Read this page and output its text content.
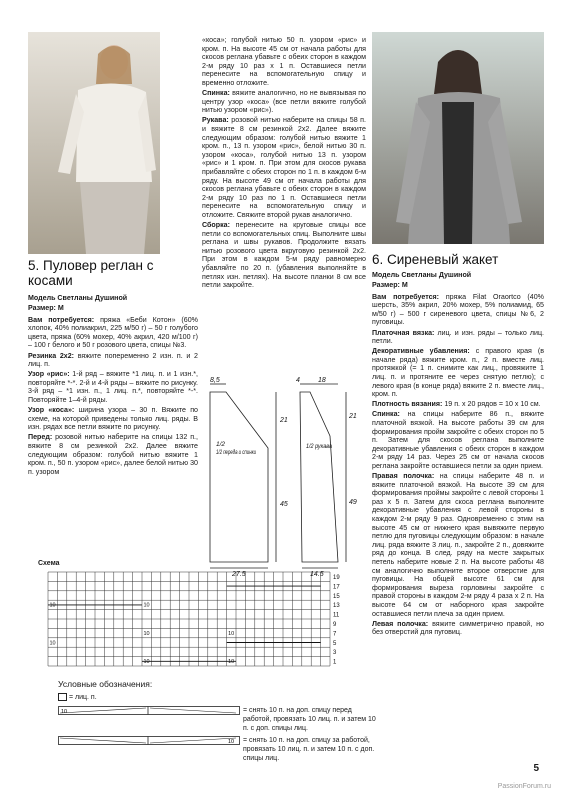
5. Пуловер реглан с косами

Модель Светланы Душиной

Размер: М

Вам потребуется: пряжа «Беби Котон» (60% хлопок, 40% полиакрил, 225 м/50 г) – 50 г голубого цвета, пряжа (60% мохер, 40% акрил, 420 м/100 г) – 100 г белого и 50 г розового цвета, спицы №3.

Резинка 2х2: вяжите попеременно 2 изн. п. и 2 лиц. п.

Узор «рис»: 1-й ряд – вяжите *1 лиц. п. и 1 изн.*, повторяйте *-*. 2-й и 4-й ряды – вяжите по рисунку. 3-й ряд – *1 изн. п., 1 лиц. п.*, повторяйте *-*. Повторяйте 1–4-й ряды.

Узор «коса»: ширина узора – 30 п. Вяжите по схеме, на которой приведены только лиц. ряды. В изн. рядах все петли вяжите по рисунку.

Перед: розовой нитью наберите на спицы 132 п., вяжите 8 см резинкой 2х2. Далее вяжите следующим образом: голубой нитью вяжите 1 кром. п., 50 п. узором «рис», далее белой нитью 30 п. узором

«коса»; голубой нитью 50 п. узором «рис» и кром. п. На высоте 45 см от начала работы для скосов реглана убавьте с обеих сторон в каждом 2-м ряду 10 раз х 1 п. Оставшиеся петли перенесите на вспомогательную спицу и временно отложите.

Спинка: вяжите аналогично, но не вывязывая по центру узор «коса» (все петли вяжите голубой нитью узором «рис»).

Рукава: розовой нитью наберите на спицы 58 п. и вяжите 8 см резинкой 2х2. Далее вяжите следующим образом: голубой нитью вяжите 1 кром. п., 13 п. узором «рис», белой нитью 30 п. узором «коса», голубой нитью 13 п. узором «рис» и 1 кром. п. При этом для скосов рукава прибавляйте с обеих сторон по 1 п. в каждом 6-м ряду. На высоте 49 см от начала работы для скосов реглана убавьте с обеих сторон в каждом 2-м ряду 10 раз по 1 п. Оставшиеся петли перенесите на вспомогательную спицу и отложите. Свяжите второй рукав аналогично.

Сборка: перенесите на круговые спицы все петли со вспомогательных спиц. Выполните швы реглана и швы рукавов. Продолжите вязать нитью розового цвета вкруговую резинкой 2х2. При этом в каждом 5-м ряду равномерно убавляйте по 20 п. (убавления выполняйте в петлях изн. петлях). На высоте планки 8 см все петли закройте.

8,5
21
45
27,5
4	18
21
49
14,5
1/2
1/2 переда и спинки
1/2 рукава
Схема
10	10
10	10
10
10	10
19
17
15
13
11
9
7
5
3
1
Условные обозначения:
= лиц. п.
10	= снять 10 п. на доп. спицу перед работой, провязать 10 лиц. п. и затем 10 п. с доп. спицы лиц.
10 = снять 10 п. на доп. спицу за работой, провязать 10 лиц. п. и затем 10 п. с доп. спицы лиц.
6. Сиреневый жакет

Модель Светланы Душиной

Размер: М

Вам потребуется: пряжа Filat Oraortco (40% шерсть, 35% акрил, 20% мохер, 5% полиамид, 65 м/50 г) – 500 г сиреневого цвета, спицы №6, 2 пуговицы.

Платочная вязка: лиц. и изн. ряды – только лиц. петли.

Декоративные убавления: с правого края (в начале ряда) вяжите кром. п., 2 п. вместе лиц. протяжкой (= 1 п. снимите как лиц., провяжите 1 лиц. п. и протяните ее через снятую петлю); с левого края (в конце ряда) вяжите 2 п. вместе лиц., кром. п.

Плотность вязания: 19 п. х 20 рядов = 10 х 10 см.

Спинка: на спицы наберите 86 п., вяжите платочной вязкой. На высоте работы 39 см для формирования пройм закройте с обеих сторон по 5 п. Затем для скосов реглана выполните декоративные убавления с обеих сторон в каждом 2-м ряду 14 раз. Через 25 см от начала скосов реглана закройте оставшиеся петли за один прием.

Правая полочка: на спицы наберите 48 п. и вяжите платочной вязкой. На высоте 39 см для формирования проймы закройте с левой стороны 1 раз х 5 п. Затем для скоса реглана выполните декоративные убавления с левой стороны в каждом 2-м ряду 9 раз. Одновременно с этим на высоте 45 см от нижнего края вывяжите первую петлю для пуговицы следующим образом: в начале лиц. ряда вяжите 3 лиц. п., закройте 2 п., довяжите ряд до конца. В след. ряду на месте закрытых петель наберите новые 2 п. На высоте работы 48 см аналогично выполните второе отверстие для пуговицы. На общей высоте 61 см для формирования выреза горловины закройте с правой стороны в каждом 2-м ряду 4 раза х 2 п. На высоте 64 см от наборного края закройте оставшиеся петли плеча за один прием.

Левая полочка: вяжите симметрично правой, но без отверстий для пуговиц.

5
PassionForum.ru
